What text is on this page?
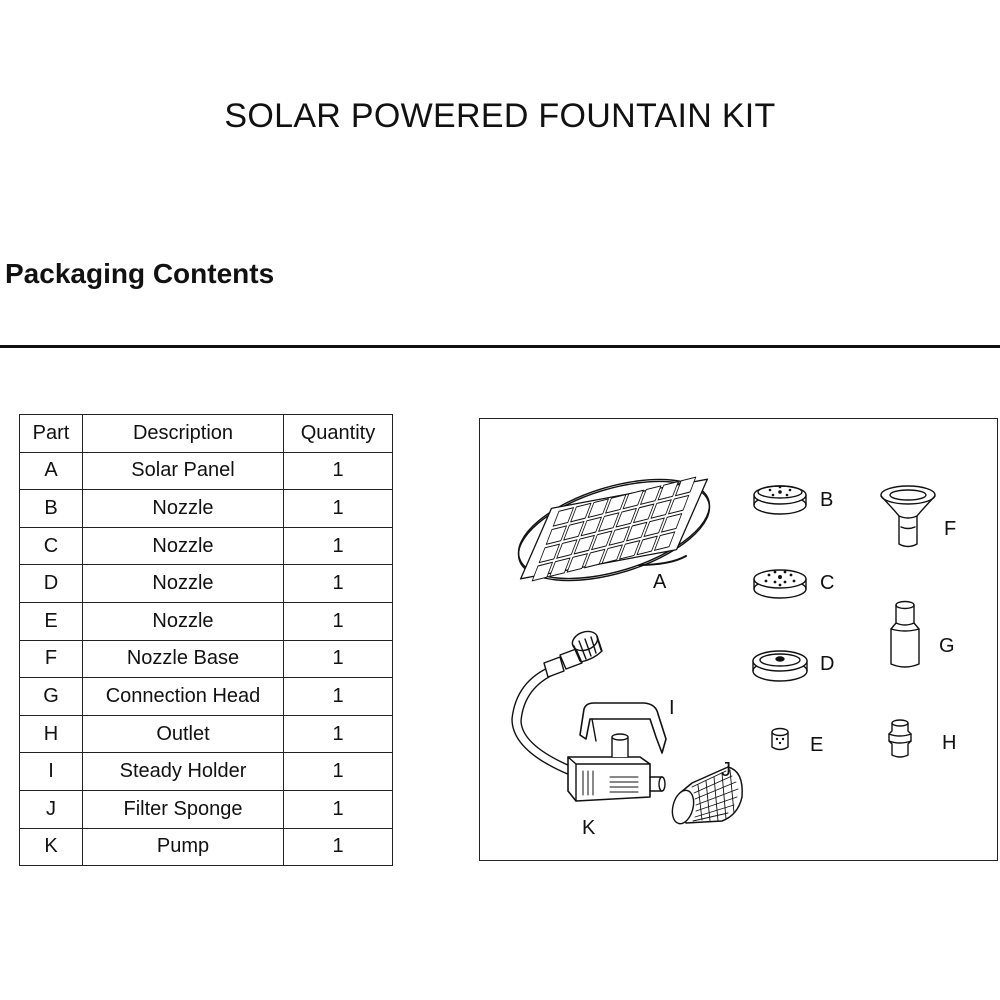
SOLAR POWERED FOUNTAIN KIT
Packaging Contents
Part	Description	Quantity
A	Solar Panel	1
B	Nozzle	1
C	Nozzle	1
D	Nozzle	1
E	Nozzle	1
F	Nozzle Base	1
G	Connection Head	1
H	Outlet	1
I	Steady Holder	1
J	Filter Sponge	1
K	Pump	1
A
B
C
D
E
F
G
H
I
J
K
